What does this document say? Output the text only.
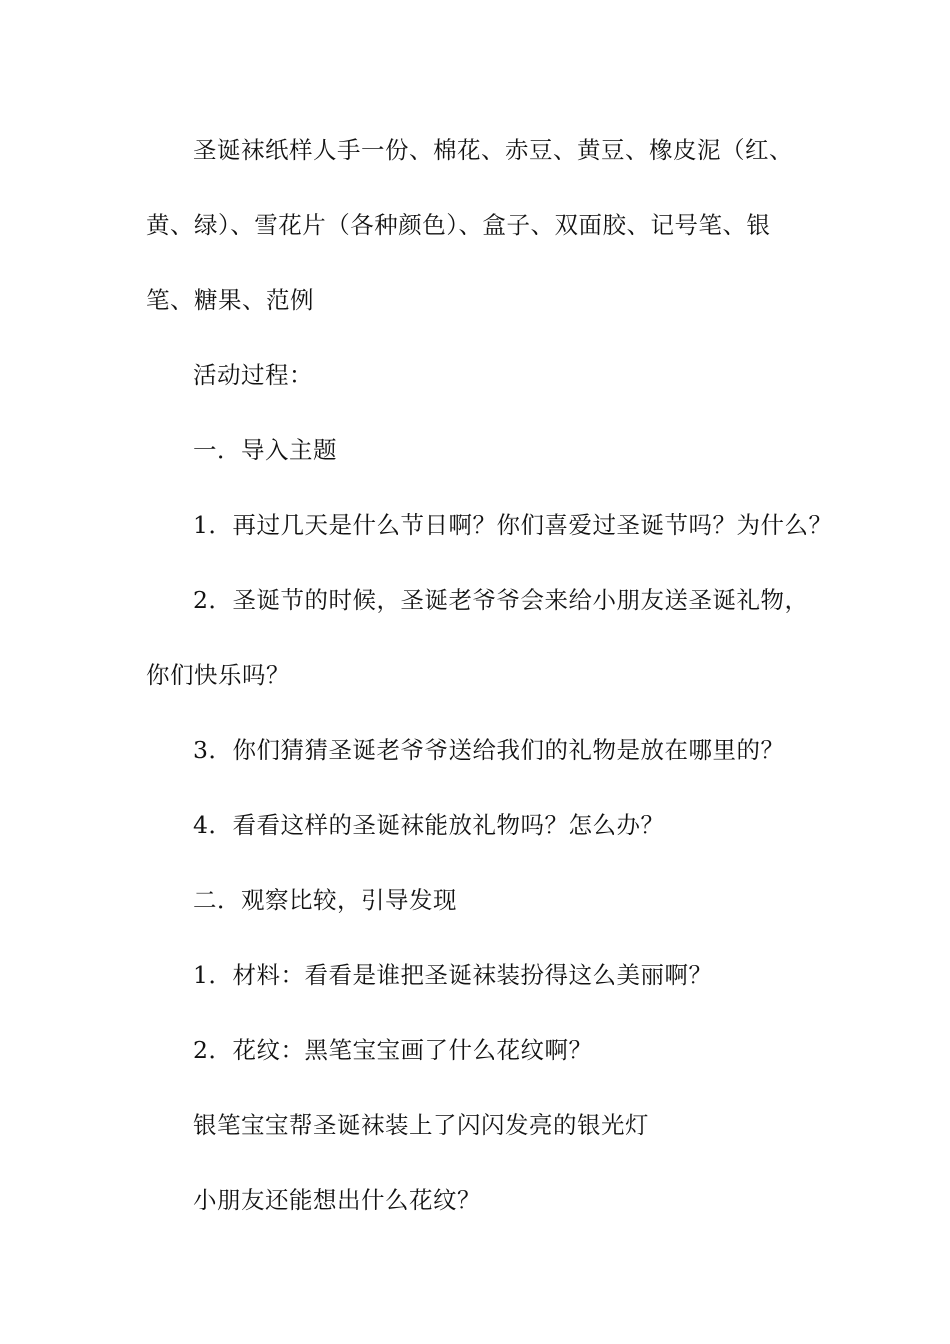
圣诞袜纸样人手一份、棉花、赤豆、黄豆、橡皮泥（红、
黄、绿）、雪花片（各种颜色）、盒子、双面胶、记号笔、银
笔、糖果、范例
活动过程：
一．导入主题
1．再过几天是什么节日啊？你们喜爱过圣诞节吗？为什么？
2．圣诞节的时候，圣诞老爷爷会来给小朋友送圣诞礼物，
你们快乐吗？
3．你们猜猜圣诞老爷爷送给我们的礼物是放在哪里的？
4．看看这样的圣诞袜能放礼物吗？怎么办？
二．观察比较，引导发现
1．材料：看看是谁把圣诞袜装扮得这么美丽啊？
2．花纹：黑笔宝宝画了什么花纹啊？
银笔宝宝帮圣诞袜装上了闪闪发亮的银光灯
小朋友还能想出什么花纹？
